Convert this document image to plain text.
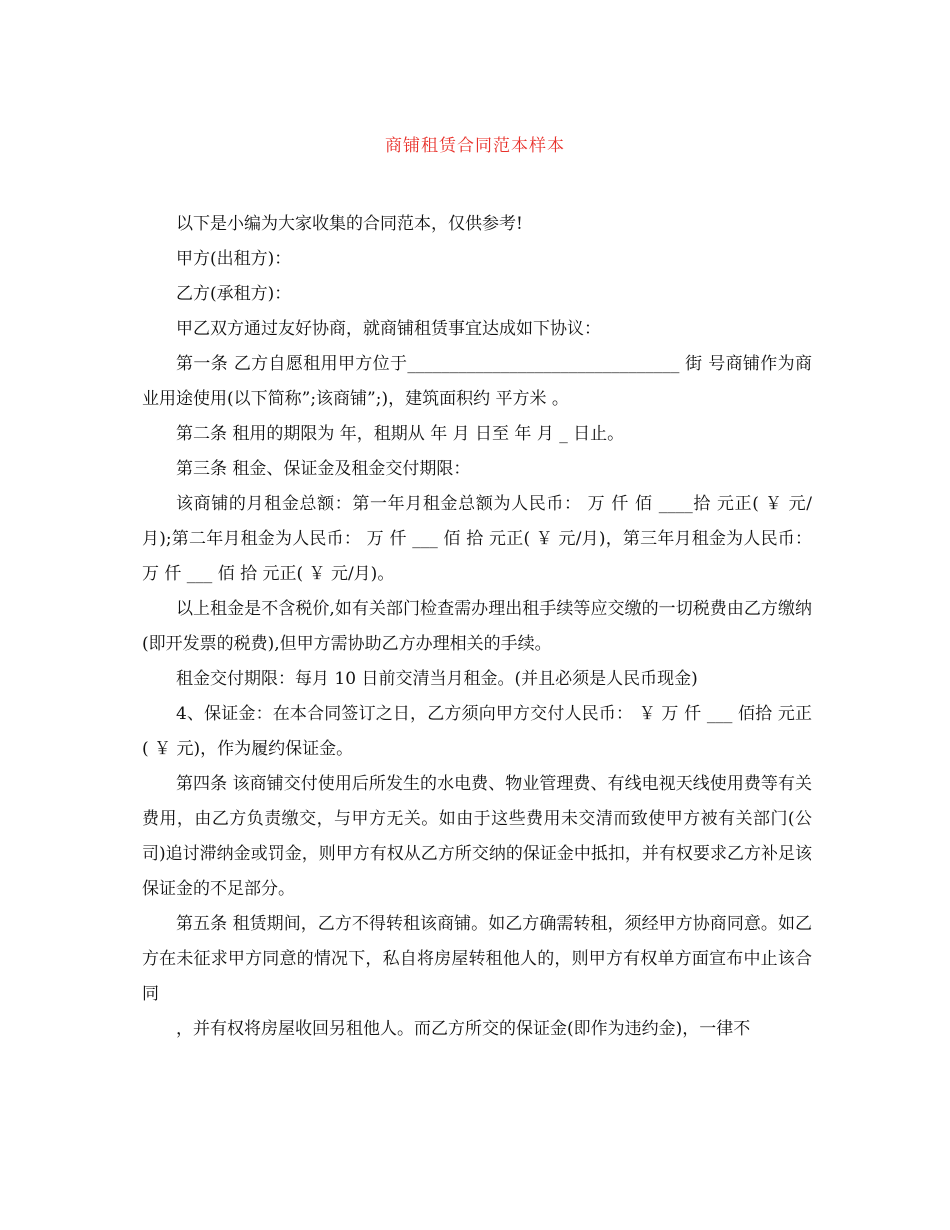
商铺租赁合同范本样本

以下是小编为大家收集的合同范本，仅供参考!

甲方(出租方)：

乙方(承租方)：

甲乙双方通过友好协商，就商铺租赁事宜达成如下协议：

第一条 乙方自愿租用甲方位于________________________________ 街 号商铺作为商业用途使用(以下简称”;该商铺”;)，建筑面积约 平方米 。

第二条 租用的期限为 年，租期从 年 月 日至 年 月 _ 日止。

第三条 租金、保证金及租金交付期限：

该商铺的月租金总额：第一年月租金总额为人民币： 万 仟 佰 ____拾 元正( ￥ 元/月);第二年月租金为人民币： 万 仟 ___ 佰 拾 元正( ￥ 元/月)，第三年月租金为人民币： 万 仟 ___ 佰 拾 元正( ￥ 元/月)。

以上租金是不含税价,如有关部门检查需办理出租手续等应交缴的一切税费由乙方缴纳(即开发票的税费),但甲方需协助乙方办理相关的手续。

租金交付期限：每月 10 日前交清当月租金。(并且必须是人民币现金)

4、保证金：在本合同签订之日，乙方须向甲方交付人民币： ￥ 万 仟 ___ 佰拾 元正( ￥ 元)，作为履约保证金。

第四条 该商铺交付使用后所发生的水电费、物业管理费、有线电视天线使用费等有关费用，由乙方负责缴交，与甲方无关。如由于这些费用未交清而致使甲方被有关部门(公司)追讨滞纳金或罚金，则甲方有权从乙方所交纳的保证金中抵扣，并有权要求乙方补足该保证金的不足部分。

第五条 租赁期间，乙方不得转租该商铺。如乙方确需转租，须经甲方协商同意。如乙方在未征求甲方同意的情况下，私自将房屋转租他人的，则甲方有权单方面宣布中止该合同

，并有权将房屋收回另租他人。而乙方所交的保证金(即作为违约金)，一律不
